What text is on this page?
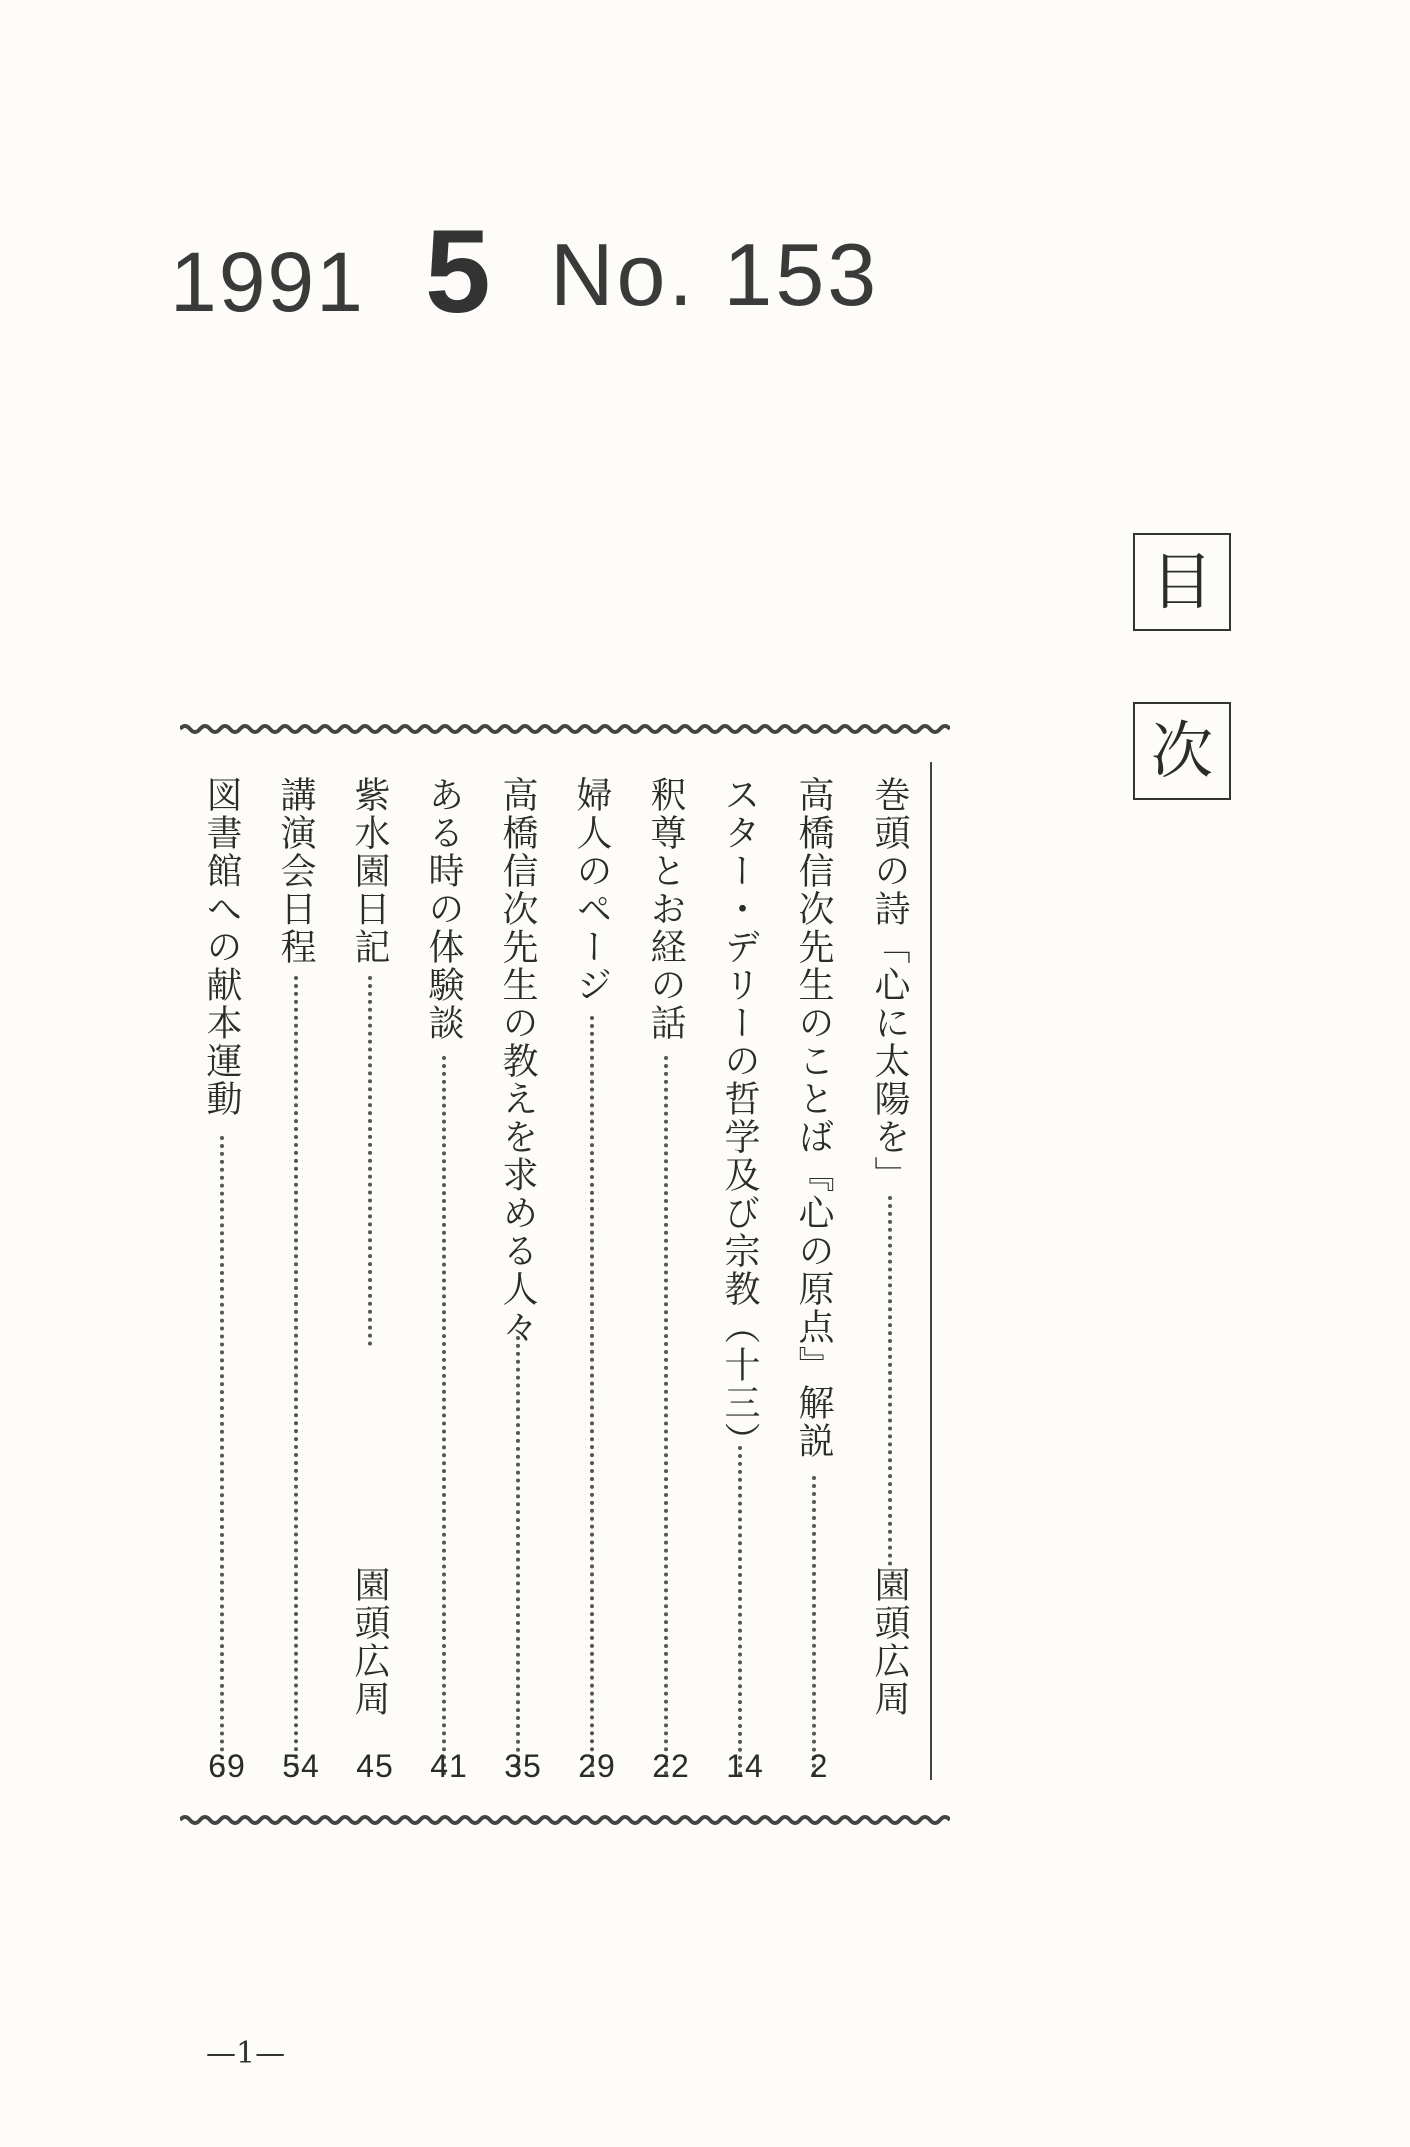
1991 5 No. 153
目
次
巻頭の詩「心に太陽を」
園頭広周
高橋信次先生のことば『心の原点』解説
スター・デリーの哲学及び宗教（十三）
釈尊とお経の話
婦人のページ
高橋信次先生の教えを求める人々
ある時の体験談
紫水園日記
園頭広周
講演会日程
図書館への献本運動
2
14
22
29
35
41
45
54
69
—1—
